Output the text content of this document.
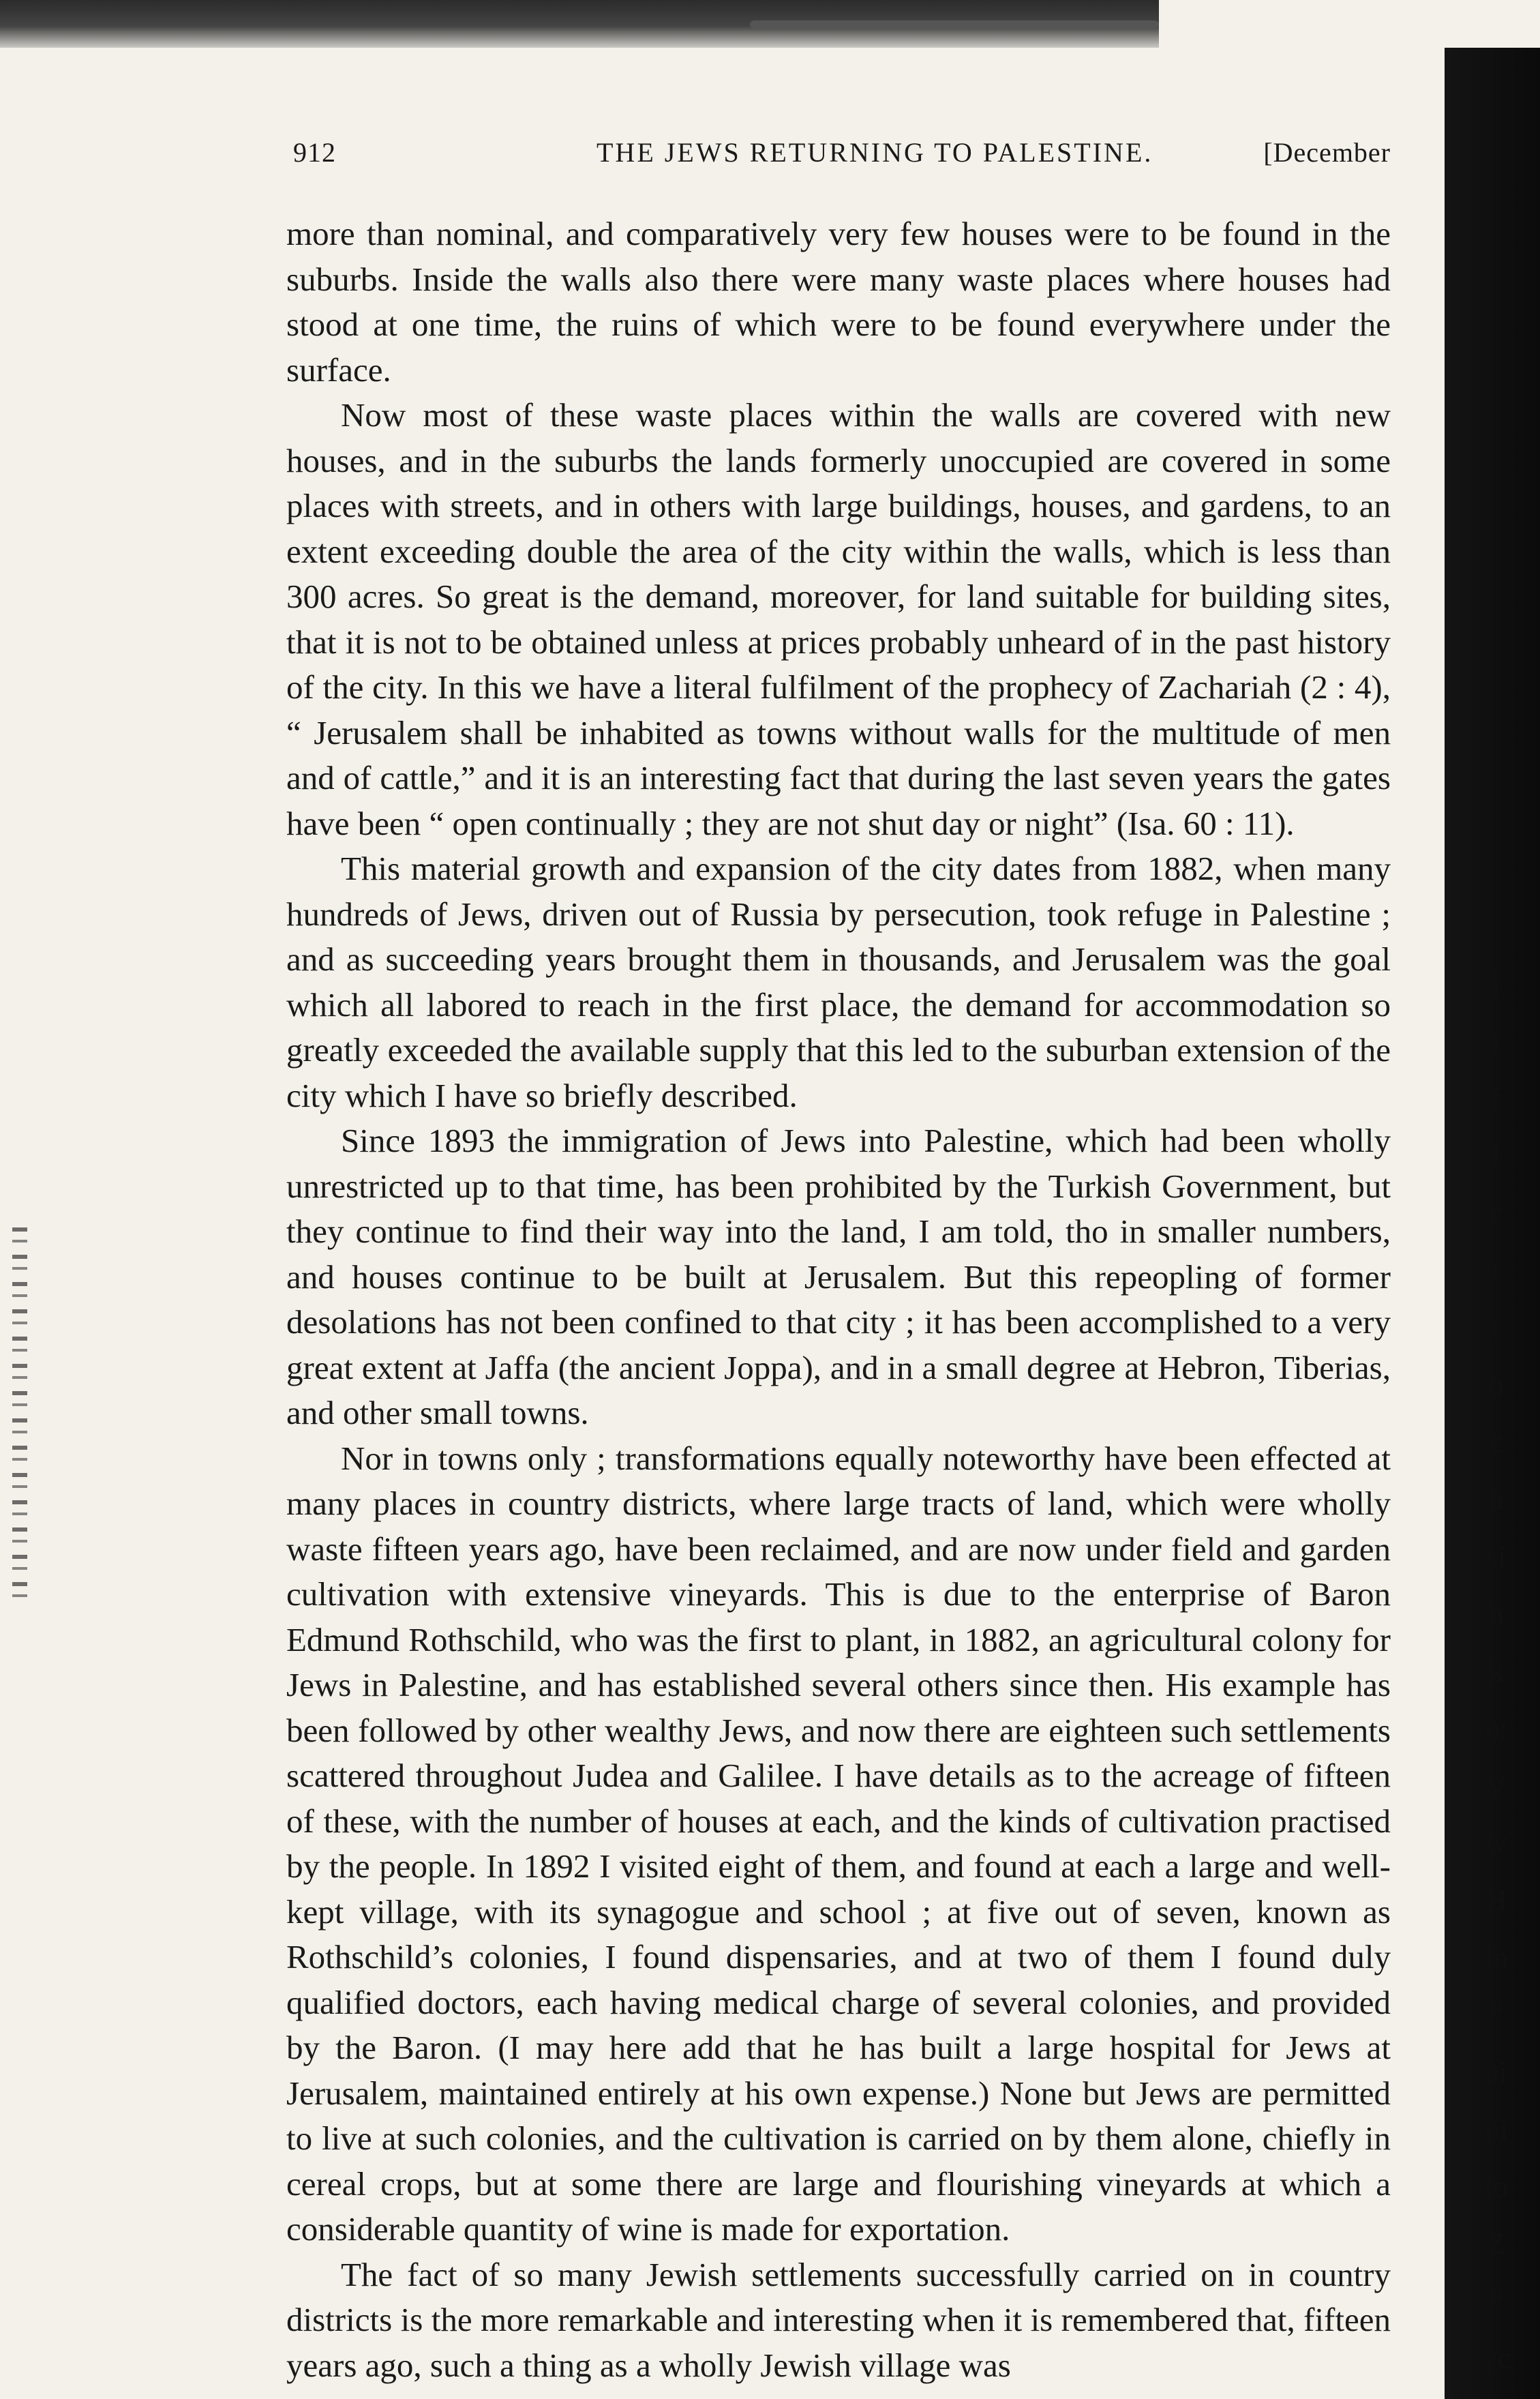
912	THE JEWS RETURNING TO PALESTINE.	[December

more than nominal, and comparatively very few houses were to be found in the suburbs. Inside the walls also there were many waste places where houses had stood at one time, the ruins of which were to be found everywhere under the surface.

Now most of these waste places within the walls are covered with new houses, and in the suburbs the lands formerly unoccupied are covered in some places with streets, and in others with large buildings, houses, and gardens, to an extent exceeding double the area of the city within the walls, which is less than 300 acres. So great is the demand, moreover, for land suitable for building sites, that it is not to be obtained unless at prices probably unheard of in the past history of the city. In this we have a literal fulfilment of the prophecy of Zachariah (2 : 4), “ Jerusalem shall be inhabited as towns without walls for the multitude of men and of cattle,” and it is an interesting fact that during the last seven years the gates have been “ open continually ; they are not shut day or night” (Isa. 60 : 11).

This material growth and expansion of the city dates from 1882, when many hundreds of Jews, driven out of Russia by persecution, took refuge in Palestine ; and as succeeding years brought them in thousands, and Jerusalem was the goal which all labored to reach in the first place, the demand for accommodation so greatly exceeded the available supply that this led to the suburban extension of the city which I have so briefly described.

Since 1893 the immigration of Jews into Palestine, which had been wholly unrestricted up to that time, has been prohibited by the Turkish Government, but they continue to find their way into the land, I am told, tho in smaller numbers, and houses continue to be built at Jerusalem. But this repeopling of former desolations has not been confined to that city ; it has been accomplished to a very great extent at Jaffa (the ancient Joppa), and in a small degree at Hebron, Tiberias, and other small towns.

Nor in towns only ; transformations equally noteworthy have been effected at many places in country districts, where large tracts of land, which were wholly waste fifteen years ago, have been reclaimed, and are now under field and garden cultivation with extensive vineyards. This is due to the enterprise of Baron Edmund Rothschild, who was the first to plant, in 1882, an agricultural colony for Jews in Palestine, and has established several others since then. His example has been followed by other wealthy Jews, and now there are eighteen such settlements scattered throughout Judea and Galilee. I have details as to the acreage of fifteen of these, with the number of houses at each, and the kinds of cultivation practised by the people. In 1892 I visited eight of them, and found at each a large and well-kept village, with its synagogue and school ; at five out of seven, known as Rothschild’s colonies, I found dispensaries, and at two of them I found duly qualified doctors, each having medical charge of several colonies, and provided by the Baron. (I may here add that he has built a large hospital for Jews at Jerusalem, maintained entirely at his own expense.) None but Jews are permitted to live at such colonies, and the cultivation is carried on by them alone, chiefly in cereal crops, but at some there are large and flourishing vineyards at which a considerable quantity of wine is made for exportation.

The fact of so many Jewish settlements successfully carried on in country districts is the more remarkable and interesting when it is remembered that, fifteen years ago, such a thing as a wholly Jewish village was

j
i
f
I
c
t
t
o
c
a
si
h
k
o:
V
w
H
in
“
ai
pi
to
Z
“
yc
